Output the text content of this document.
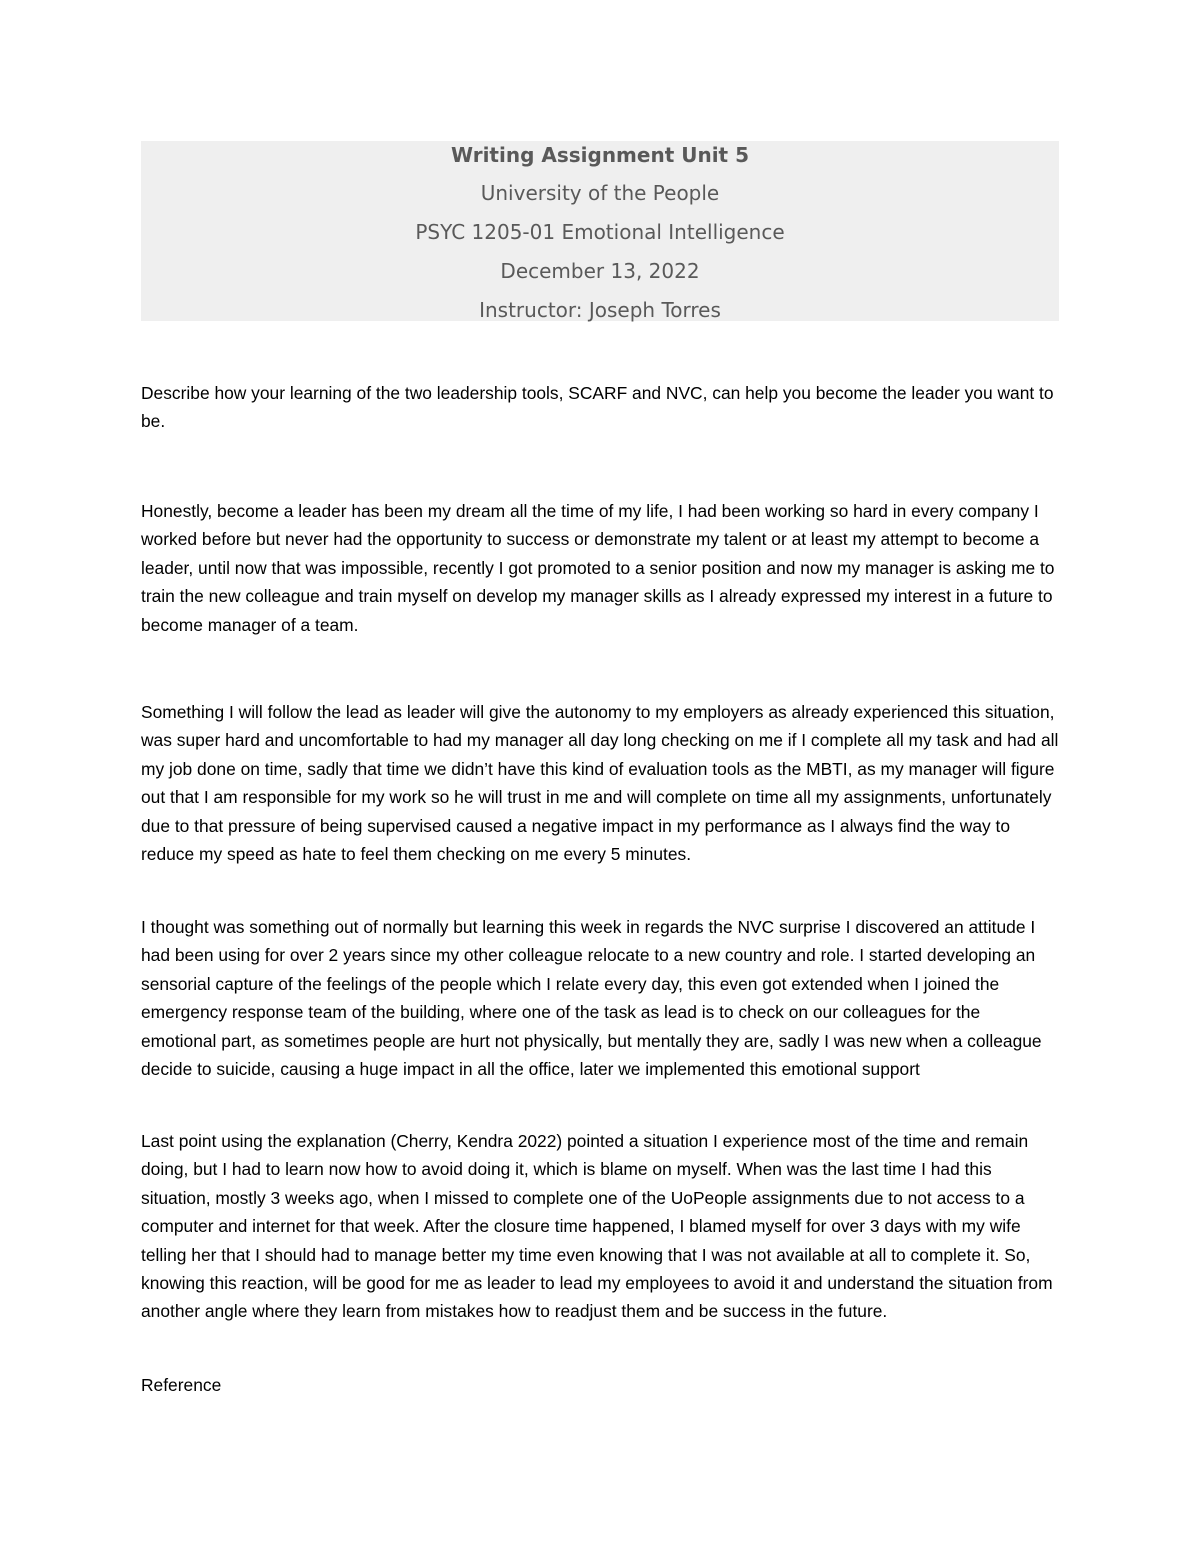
Writing Assignment Unit 5
University of the People
PSYC 1205-01 Emotional Intelligence
December 13, 2022
Instructor: Joseph Torres

Describe how your learning of the two leadership tools, SCARF and NVC, can help you become the leader you want to be.

Honestly, become a leader has been my dream all the time of my life, I had been working so hard in every company I worked before but never had the opportunity to success or demonstrate my talent or at least my attempt to become a leader, until now that was impossible, recently I got promoted to a senior position and now my manager is asking me to train the new colleague and train myself on develop my manager skills as I already expressed my interest in a future to become manager of a team.

Something I will follow the lead as leader will give the autonomy to my employers as already experienced this situation, was super hard and uncomfortable to had my manager all day long checking on me if I complete all my task and had all my job done on time, sadly that time we didn’t have this kind of evaluation tools as the MBTI, as my manager will figure out that I am responsible for my work so he will trust in me and will complete on time all my assignments, unfortunately due to that pressure of being supervised caused a negative impact in my performance as I always find the way to reduce my speed as hate to feel them checking on me every 5 minutes.

I thought was something out of normally but learning this week in regards the NVC surprise I discovered an attitude I had been using for over 2 years since my other colleague relocate to a new country and role. I started developing an sensorial capture of the feelings of the people which I relate every day, this even got extended when I joined the emergency response team of the building, where one of the task as lead is to check on our colleagues for the emotional part, as sometimes people are hurt not physically, but mentally they are, sadly I was new when a colleague decide to suicide, causing a huge impact in all the office, later we implemented this emotional support

Last point using the explanation (Cherry, Kendra 2022) pointed a situation I experience most of the time and remain doing, but I had to learn now how to avoid doing it, which is blame on myself. When was the last time I had this situation, mostly 3 weeks ago, when I missed to complete one of the UoPeople assignments due to not access to a computer and internet for that week. After the closure time happened, I blamed myself for over 3 days with my wife telling her that I should had to manage better my time even knowing that I was not available at all to complete it. So, knowing this reaction, will be good for me as leader to lead my employees to avoid it and understand the situation from another angle where they learn from mistakes how to readjust them and be success in the future.

Reference
